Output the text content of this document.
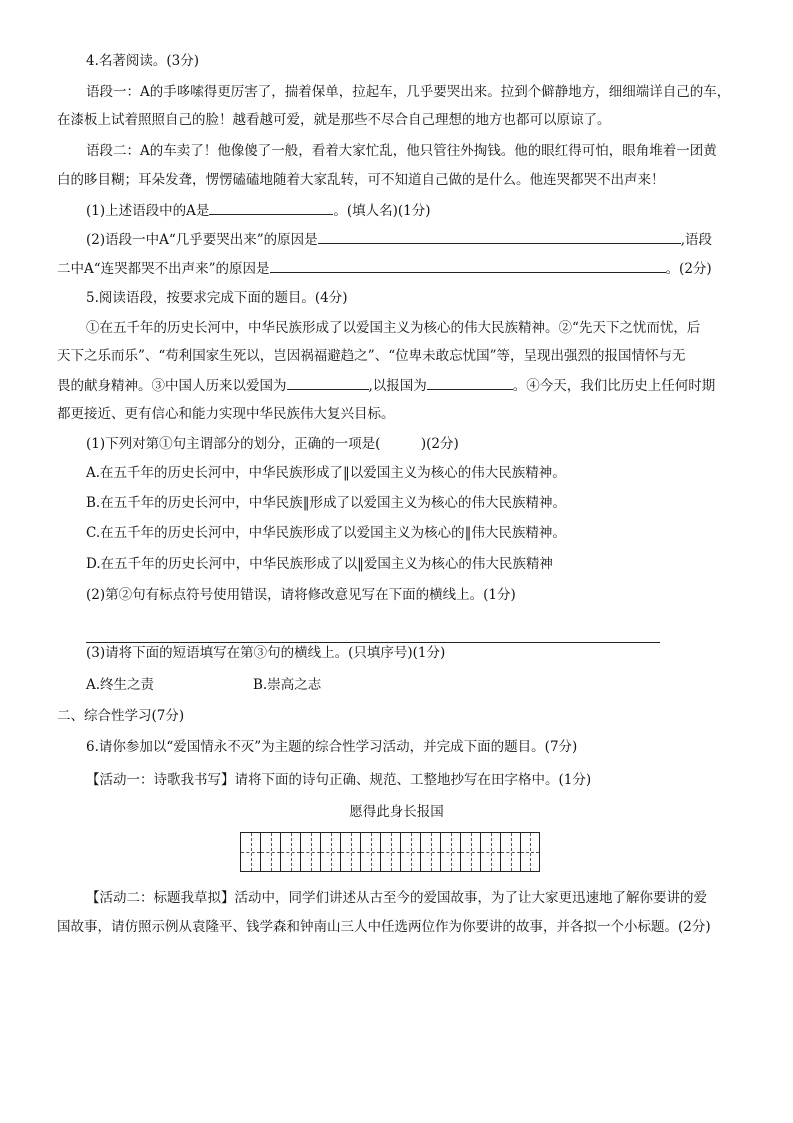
4.名著阅读。(3分)
语段一：A的手哆嗦得更厉害了，揣着保单，拉起车，几乎要哭出来。拉到个僻静地方，细细端详自己的车，
在漆板上试着照照自己的脸！越看越可爱，就是那些不尽合自己理想的地方也都可以原谅了。
语段二：A的车卖了！他像傻了一般，看着大家忙乱，他只管往外掏钱。他的眼红得可怕，眼角堆着一团黄
白的眵目糊；耳朵发聋，愣愣磕磕地随着大家乱转，可不知道自己做的是什么。他连哭都哭不出声来！
(1)上述语段中的A是	。(填人名)(1分)
(2)语段一中A“几乎要哭出来”的原因是	,语段
二中A“连哭都哭不出声来”的原因是	。(2分)
5.阅读语段，按要求完成下面的题目。(4分)
①在五千年的历史长河中，中华民族形成了以爱国主义为核心的伟大民族精神。②“先天下之忧而忧，后
天下之乐而乐”、“苟利国家生死以，岂因祸福避趋之”、“位卑未敢忘忧国”等，呈现出强烈的报国情怀与无
畏的献身精神。③中国人历来以爱国为	,以报国为	。④今天，我们比历史上任何时期
都更接近、更有信心和能力实现中华民族伟大复兴目标。
(1)下列对第①句主谓部分的划分，正确的一项是(　　　)(2分)
A.在五千年的历史长河中，中华民族形成了‖以爱国主义为核心的伟大民族精神。
B.在五千年的历史长河中，中华民族‖形成了以爱国主义为核心的伟大民族精神。
C.在五千年的历史长河中，中华民族形成了以爱国主义为核心的‖伟大民族精神。
D.在五千年的历史长河中，中华民族形成了以‖爱国主义为核心的伟大民族精神
(2)第②句有标点符号使用错误，请将修改意见写在下面的横线上。(1分)
(3)请将下面的短语填写在第③句的横线上。(只填序号)(1分)
A.终生之责	B.崇高之志
二、综合性学习(7分)
6.请你参加以“爱国情永不灭”为主题的综合性学习活动，并完成下面的题目。(7分)
【活动一：诗歌我书写】请将下面的诗句正确、规范、工整地抄写在田字格中。(1分)
愿得此身长报国
【活动二：标题我草拟】活动中，同学们讲述从古至今的爱国故事，为了让大家更迅速地了解你要讲的爱
国故事，请仿照示例从袁隆平、钱学森和钟南山三人中任选两位作为你要讲的故事，并各拟一个小标题。(2分)
